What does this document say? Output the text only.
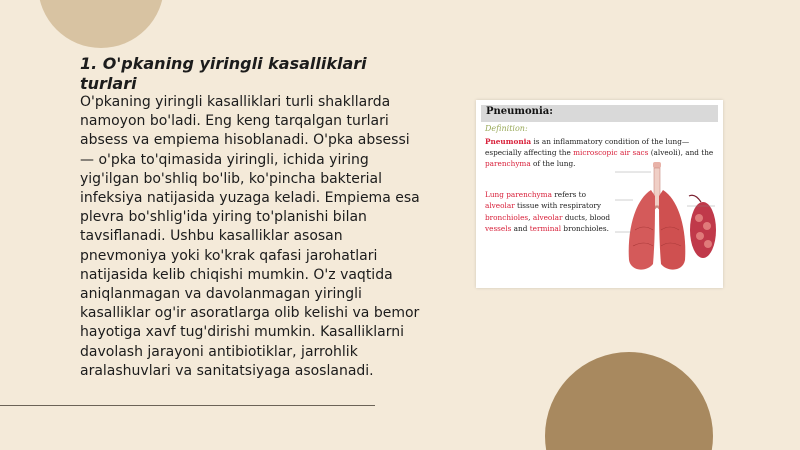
1. O'pkaning yiringli kasalliklari turlari

O'pkaning yiringli kasalliklari turli shakllarda namoyon bo'ladi. Eng keng tarqalgan turlari absess va empiema hisoblanadi. O'pka absessi — o'pka to'qimasida yiringli, ichida yiring yig'ilgan bo'shliq bo'lib, ko'pincha bakterial infeksiya natijasida yuzaga keladi. Empiema esa plevra bo'shlig'ida yiring to'planishi bilan tavsiflanadi. Ushbu kasalliklar asosan pnevmoniya yoki ko'krak qafasi jarohatlari natijasida kelib chiqishi mumkin. O'z vaqtida aniqlanmagan va davolanmagan yiringli kasalliklar og'ir asoratlarga olib kelishi va bemor hayotiga xavf tug'dirishi mumkin. Kasalliklarni davolash jarayoni antibiotiklar, jarrohlik aralashuvlari va sanitatsiyaga asoslanadi.

Pneumonia:
Definition:
Pneumonia is an inflammatory condition of the lung—especially affecting the microscopic air sacs (alveoli), and the parenchyma of the lung.
Lung parenchyma refers to alveolar tissue with respiratory bronchioles, alveolar ducts, blood vessels and terminal bronchioles.
